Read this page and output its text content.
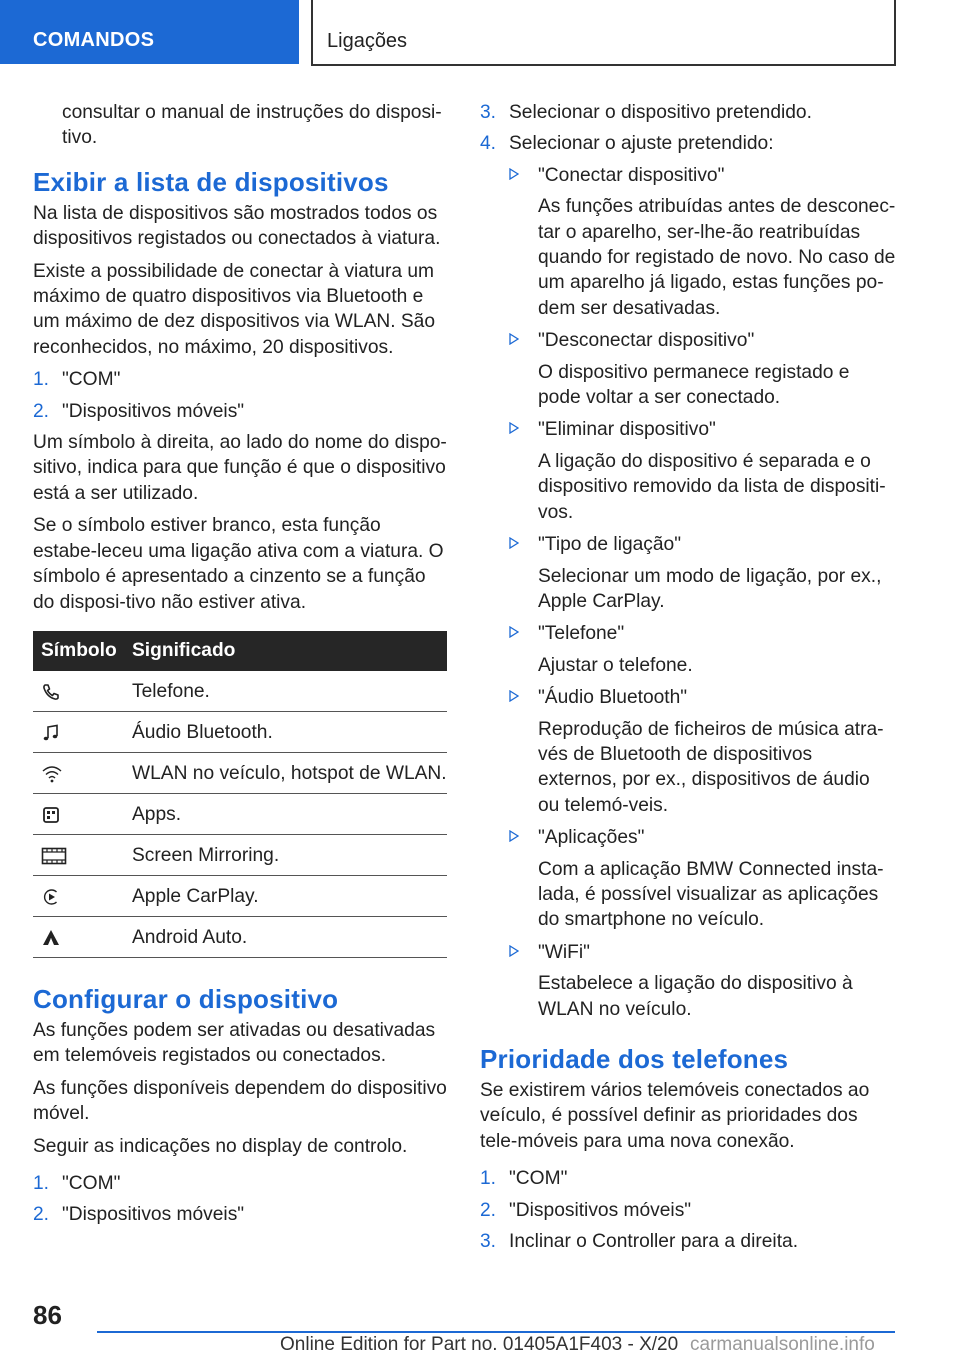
COMANDOS	Ligações

consultar o manual de instruções do disposi-tivo.

Exibir a lista de dispositivos

Na lista de dispositivos são mostrados todos os dispositivos registados ou conectados à viatura.

Existe a possibilidade de conectar à viatura um máximo de quatro dispositivos via Bluetooth e um máximo de dez dispositivos via WLAN. São reconhecidos, no máximo, 20 dispositivos.

1. "COM"
2. "Dispositivos móveis"

Um símbolo à direita, ao lado do nome do dispo-sitivo, indica para que função é que o dispositivo está a ser utilizado.

Se o símbolo estiver branco, esta função estabe-leceu uma ligação ativa com a viatura. O símbolo é apresentado a cinzento se a função do disposi-tivo não estiver ativa.

Símbolo	Significado

	Telefone.

	Áudio Bluetooth.

	WLAN no veículo, hotspot de WLAN.

	Apps.

	Screen Mirroring.

	Apple CarPlay.

	Android Auto.
Configurar o dispositivo

As funções podem ser ativadas ou desativadas em telemóveis registados ou conectados.

As funções disponíveis dependem do dispositivo móvel.

Seguir as indicações no display de controlo.

1. "COM"
2. "Dispositivos móveis"
3. Selecionar o dispositivo pretendido.
4. Selecionar o ajuste pretendido:
"Conectar dispositivo"
As funções atribuídas antes de desconec-tar o aparelho, ser-lhe-ão reatribuídas quando for registado de novo. No caso de um aparelho já ligado, estas funções po-dem ser desativadas.
"Desconectar dispositivo"
O dispositivo permanece registado e pode voltar a ser conectado.
"Eliminar dispositivo"
A ligação do dispositivo é separada e o dispositivo removido da lista de dispositi-vos.
"Tipo de ligação"
Selecionar um modo de ligação, por ex., Apple CarPlay.
"Telefone"
Ajustar o telefone.
"Áudio Bluetooth"
Reprodução de ficheiros de música atra-vés de Bluetooth de dispositivos externos, por ex., dispositivos de áudio ou telemó-veis.
"Aplicações"
Com a aplicação BMW Connected insta-lada, é possível visualizar as aplicações do smartphone no veículo.
"WiFi"
Estabelece a ligação do dispositivo à WLAN no veículo.
Prioridade dos telefones

Se existirem vários telemóveis conectados ao veículo, é possível definir as prioridades dos tele-móveis para uma nova conexão.

1. "COM"
2. "Dispositivos móveis"
3. Inclinar o Controller para a direita.
86
Online Edition for Part no. 01405A1F403 - X/20 carmanualsonline.info
